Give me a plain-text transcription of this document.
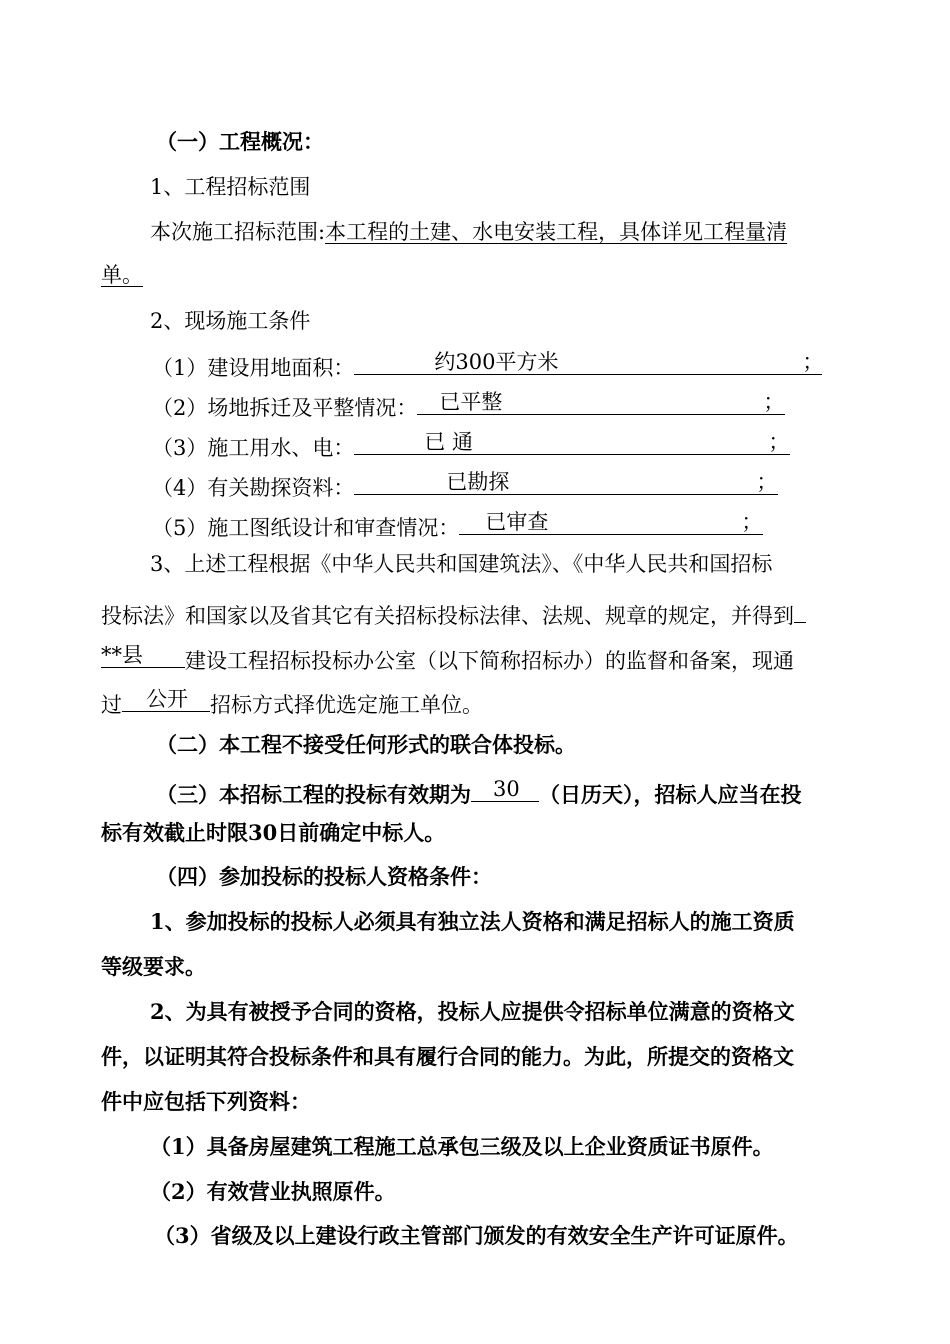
（一）工程概况：
1、工程招标范围
本次施工招标范围:本工程的土建、水电安装工程，具体详见工程量清
单。
2、现场施工条件
（1）建设用地面积：	约300平方米	；
（2）场地拆迁及平整情况： 已平整	；
（3）施工用水、电：	已 通	；
（4）有关勘探资料：	已勘探	；
（5）施工图纸设计和审查情况： 已审查	；
3、上述工程根据《中华人民共和国建筑法》、《中华人民共和国招标
投标法》和国家以及省其它有关招标投标法律、法规、规章的规定，并得到
**县 建设工程招标投标办公室（以下简称招标办）的监督和备案，现通
过 公开 招标方式择优选定施工单位。
（二）本工程不接受任何形式的联合体投标。
（三）本招标工程的投标有效期为 30 （日历天），招标人应当在投
标有效截止时限30日前确定中标人。
（四）参加投标的投标人资格条件：
1、参加投标的投标人必须具有独立法人资格和满足招标人的施工资质
等级要求。
2、为具有被授予合同的资格，投标人应提供令招标单位满意的资格文
件，以证明其符合投标条件和具有履行合同的能力。为此，所提交的资格文
件中应包括下列资料：
（1）具备房屋建筑工程施工总承包三级及以上企业资质证书原件。
（2）有效营业执照原件。
（3）省级及以上建设行政主管部门颁发的有效安全生产许可证原件。
